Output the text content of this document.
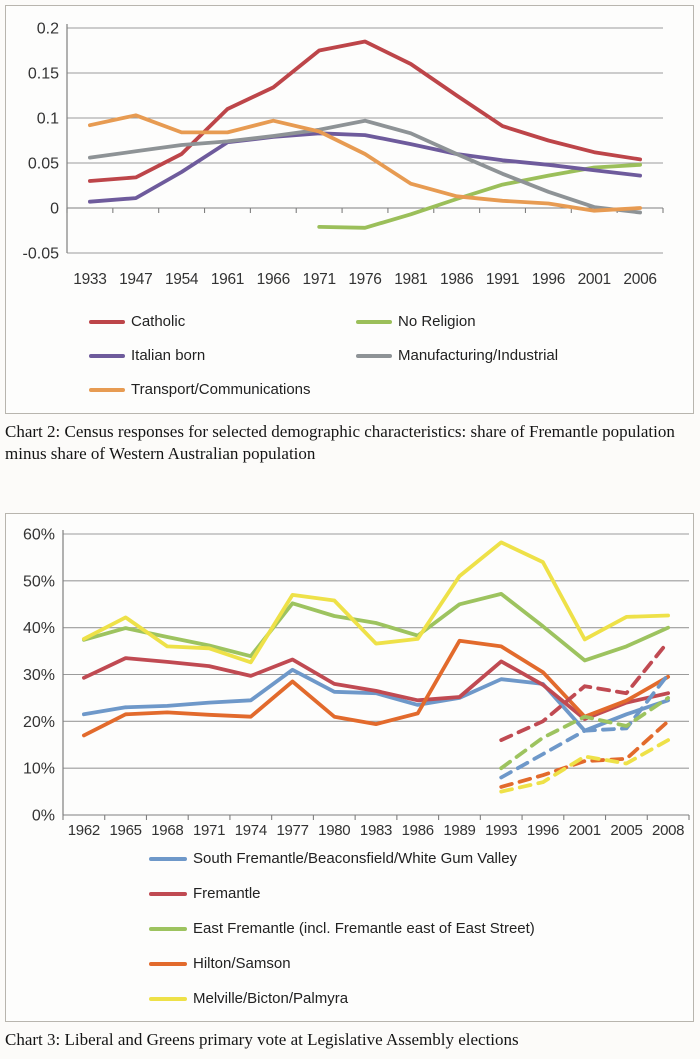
0.2
0.15
0.1
0.05
0
-0.05
1933 1947 1954 1961 1966 1971 1976 1981 1986 1991 1996 2001 2006
Catholic	No Religion
Italian born	Manufacturing/Industrial
Transport/Communications
Chart 2: Census responses for selected demographic characteristics: share of Fremantle population minus share of Western Australian population
60%
50%
40%
30%
20%
10%
0%
1962 1965 1968 1971 1974 1977 1980 1983 1986 1989 1993 1996 2001 2005 2008
South Fremantle/Beaconsfield/White Gum Valley
Fremantle
East Fremantle (incl. Fremantle east of East Street)
Hilton/Samson
Melville/Bicton/Palmyra
Chart 3: Liberal and Greens primary vote at Legislative Assembly elections
